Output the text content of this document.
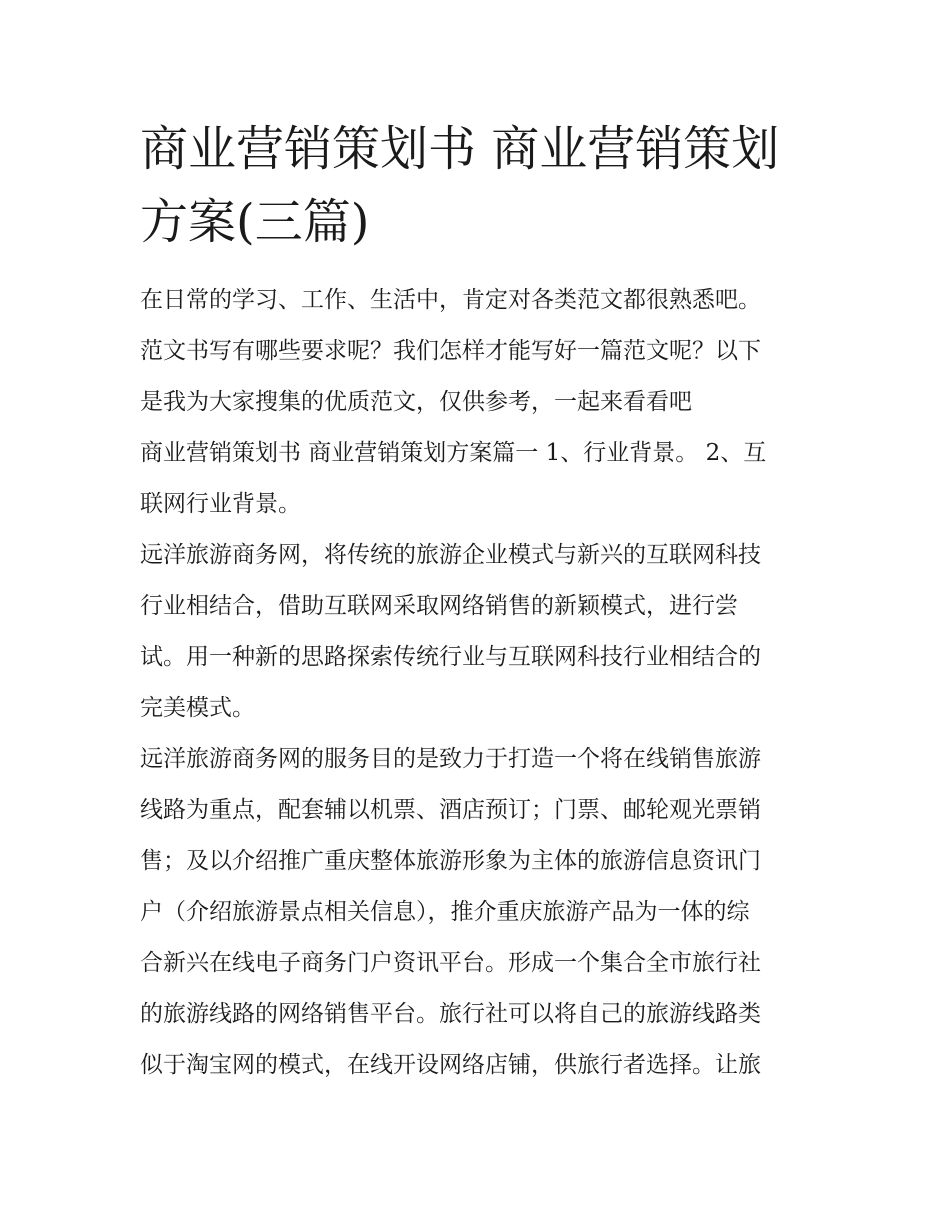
商业营销策划书 商业营销策划方案(三篇)

在日常的学习、工作、生活中，肯定对各类范文都很熟悉吧。

范文书写有哪些要求呢？我们怎样才能写好一篇范文呢？以下

是我为大家搜集的优质范文，仅供参考，一起来看看吧

商业营销策划书 商业营销策划方案篇一 1、行业背景。 2、互

联网行业背景。

远洋旅游商务网，将传统的旅游企业模式与新兴的互联网科技

行业相结合，借助互联网采取网络销售的新颖模式，进行尝

试。用一种新的思路探索传统行业与互联网科技行业相结合的

完美模式。

远洋旅游商务网的服务目的是致力于打造一个将在线销售旅游

线路为重点，配套辅以机票、酒店预订；门票、邮轮观光票销

售；及以介绍推广重庆整体旅游形象为主体的旅游信息资讯门

户（介绍旅游景点相关信息），推介重庆旅游产品为一体的综

合新兴在线电子商务门户资讯平台。形成一个集合全市旅行社

的旅游线路的网络销售平台。旅行社可以将自己的旅游线路类

似于淘宝网的模式，在线开设网络店铺，供旅行者选择。让旅
